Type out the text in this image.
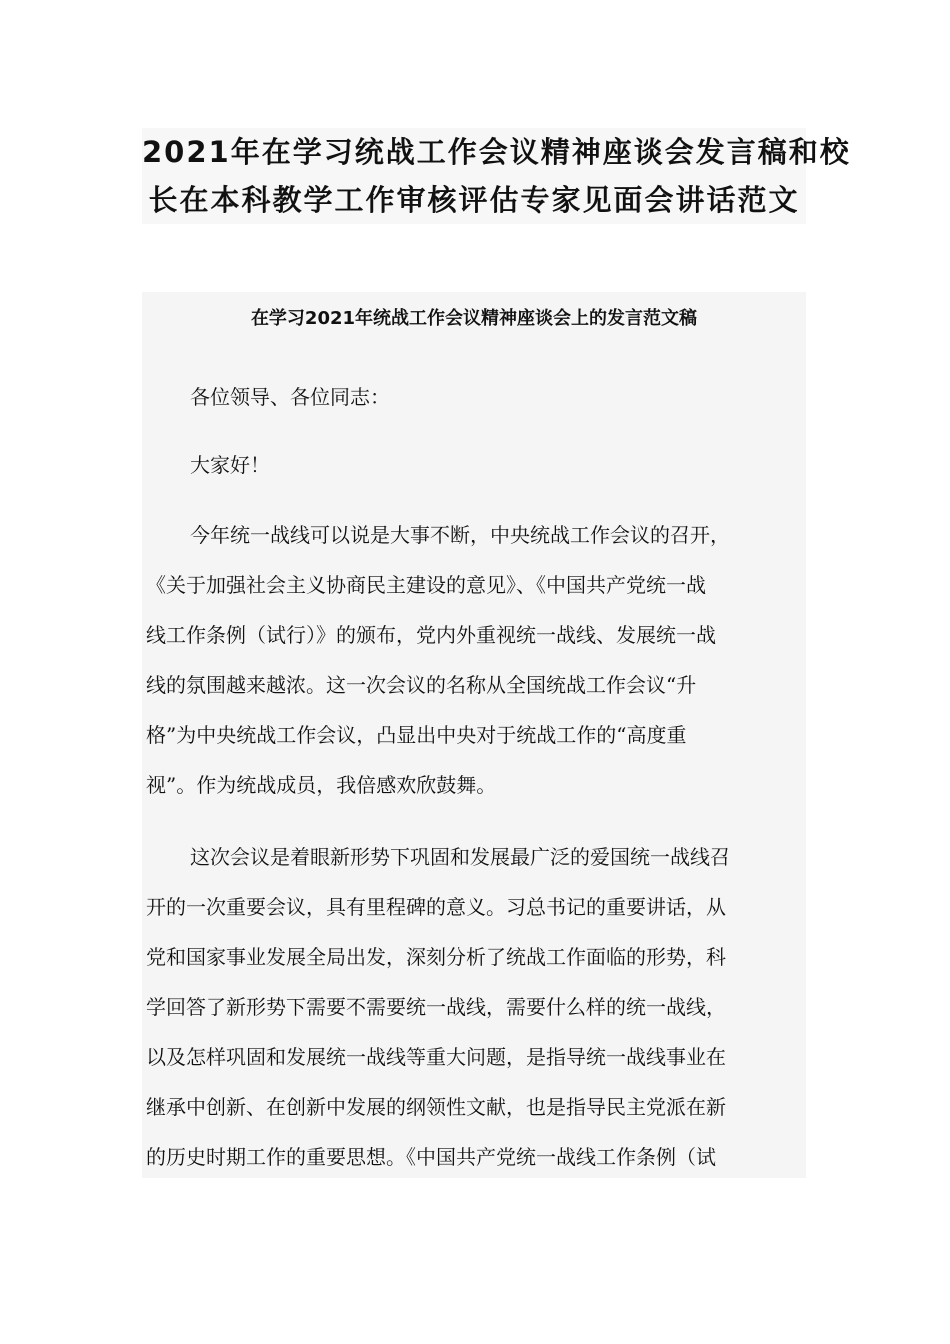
2021年在学习统战工作会议精神座谈会发言稿和校
长在本科教学工作审核评估专家见面会讲话范文
在学习2021年统战工作会议精神座谈会上的发言范文稿

各位领导、各位同志：

大家好！

今年统一战线可以说是大事不断，中央统战工作会议的召开，

《关于加强社会主义协商民主建设的意见》、《中国共产党统一战

线工作条例（试行）》的颁布，党内外重视统一战线、发展统一战

线的氛围越来越浓。这一次会议的名称从全国统战工作会议“升

格”为中央统战工作会议，凸显出中央对于统战工作的“高度重

视”。作为统战成员，我倍感欢欣鼓舞。

这次会议是着眼新形势下巩固和发展最广泛的爱国统一战线召

开的一次重要会议，具有里程碑的意义。习总书记的重要讲话，从

党和国家事业发展全局出发，深刻分析了统战工作面临的形势，科

学回答了新形势下需要不需要统一战线，需要什么样的统一战线，

以及怎样巩固和发展统一战线等重大问题，是指导统一战线事业在

继承中创新、在创新中发展的纲领性文献，也是指导民主党派在新

的历史时期工作的重要思想。《中国共产党统一战线工作条例（试
